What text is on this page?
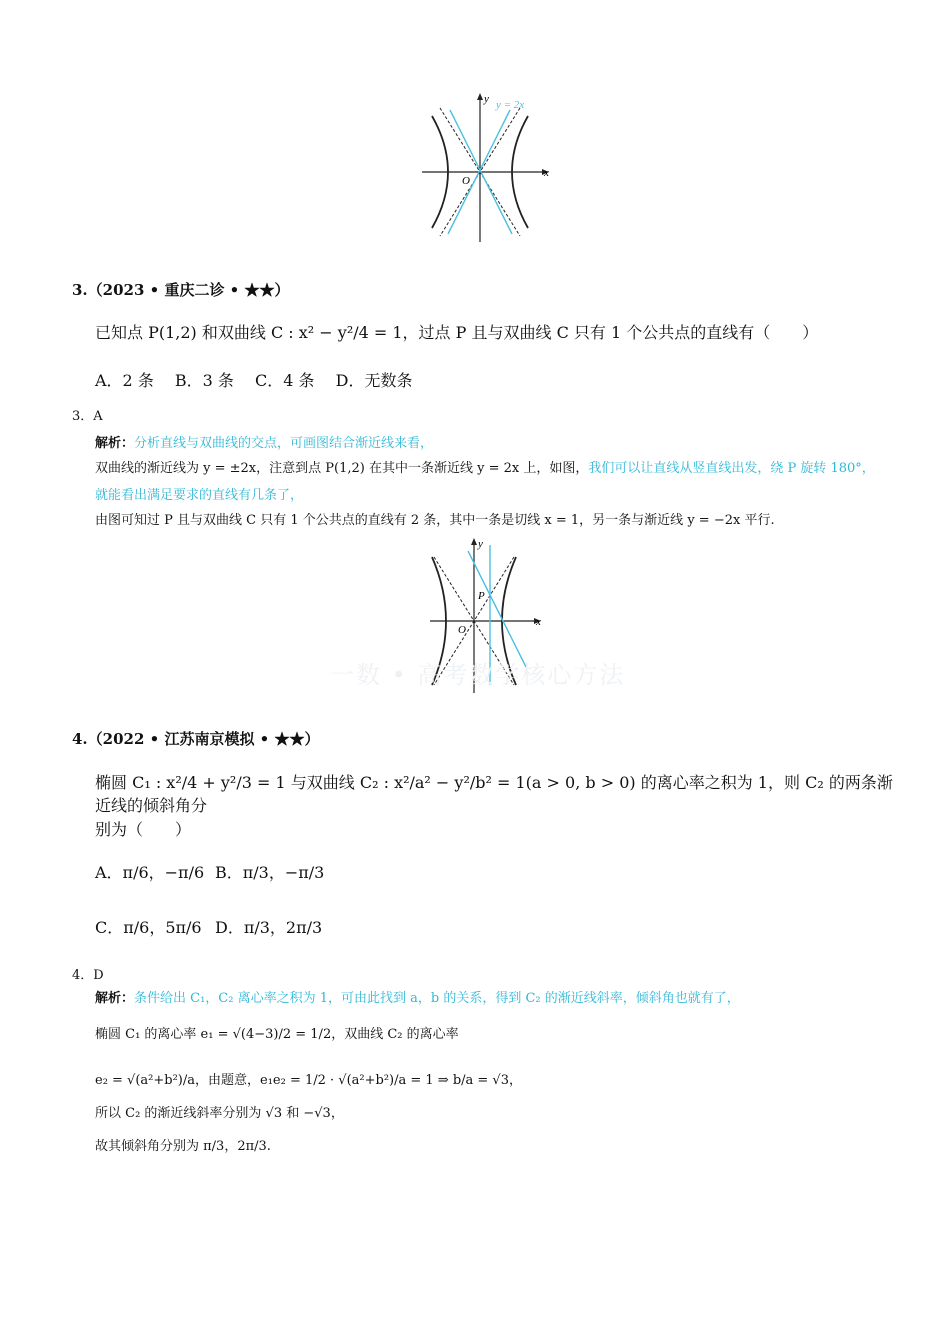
y
x
O
y = 2x
3.（2023 • 重庆二诊 • ★★）
已知点 P(1,2) 和双曲线 C : x² − y²/4 = 1，过点 P 且与双曲线 C 只有 1 个公共点的直线有（　　）
A．2 条　 B．3 条　 C．4 条　 D．无数条
3．A
解析：分析直线与双曲线的交点，可画图结合渐近线来看，
双曲线的渐近线为 y = ±2x，注意到点 P(1,2) 在其中一条渐近线 y = 2x 上，如图，我们可以让直线从竖直线出发，绕 P 旋转 180°，
就能看出满足要求的直线有几条了，
由图可知过 P 且与双曲线 C 只有 1 个公共点的直线有 2 条，其中一条是切线 x = 1，另一条与渐近线 y = −2x 平行.
y
x
O
P
一数 • 高考数学核心方法
4.（2022 • 江苏南京模拟 • ★★）
椭圆 C₁ : x²/4 + y²/3 = 1 与双曲线 C₂ : x²/a² − y²/b² = 1(a > 0, b > 0) 的离心率之积为 1，则 C₂ 的两条渐近线的倾斜角分
别为（　　）
A．π/6，−π/6 B．π/3，−π/3
C．π/6，5π/6 D．π/3，2π/3
4．D
解析：条件给出 C₁，C₂ 离心率之积为 1，可由此找到 a，b 的关系，得到 C₂ 的渐近线斜率，倾斜角也就有了，
椭圆 C₁ 的离心率 e₁ = √(4−3)/2 = 1/2，双曲线 C₂ 的离心率
e₂ = √(a²+b²)/a，由题意，e₁e₂ = 1/2 · √(a²+b²)/a = 1 ⇒ b/a = √3，
所以 C₂ 的渐近线斜率分别为 √3 和 −√3，
故其倾斜角分别为 π/3，2π/3.
